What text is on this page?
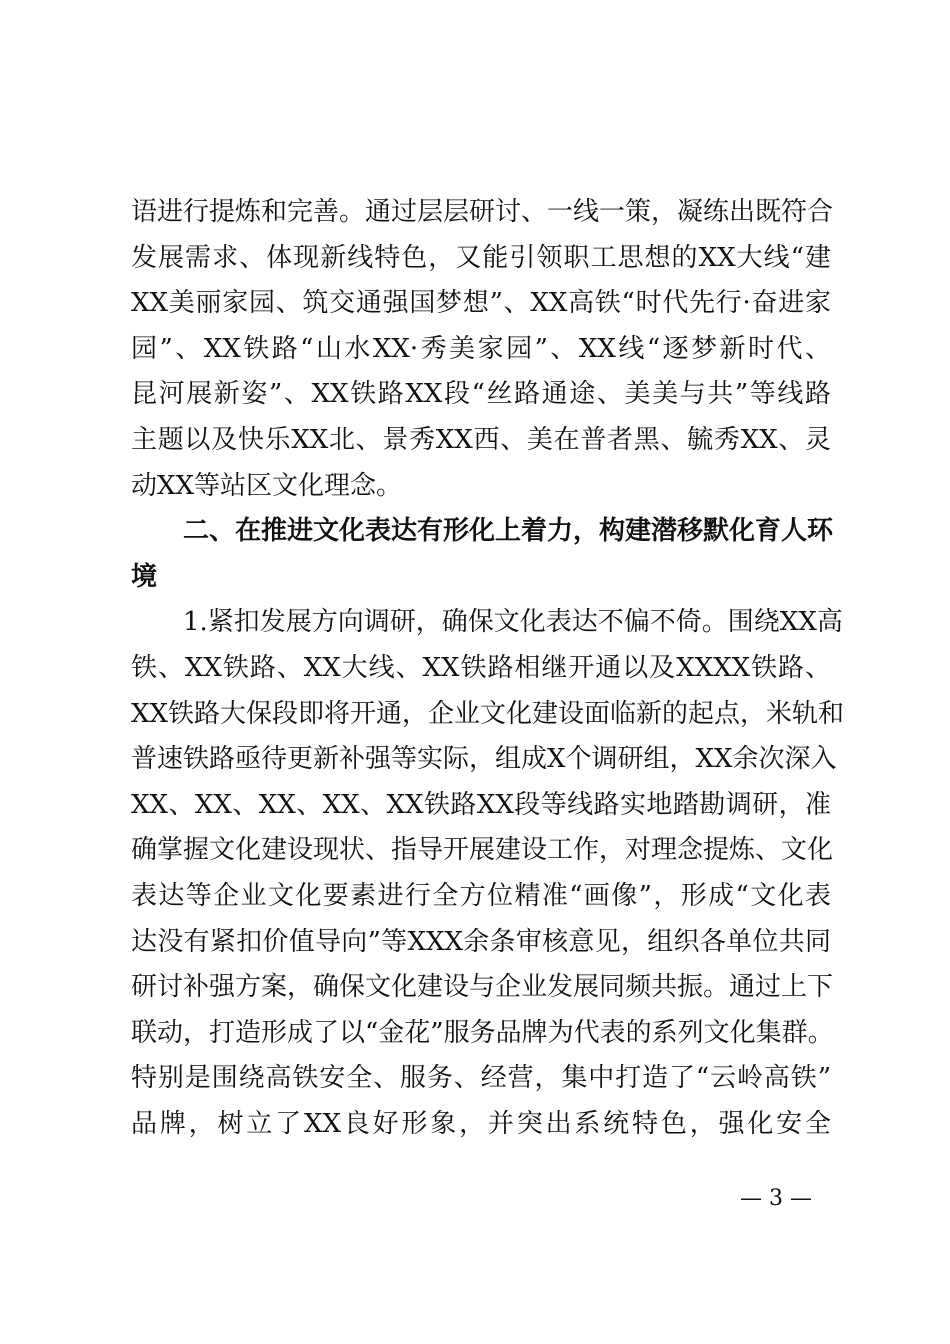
语进行提炼和完善。通过层层研讨、一线一策，凝练出既符合
发展需求、体现新线特色，又能引领职工思想的XX大线“建
XX美丽家园、筑交通强国梦想”、XX高铁“时代先行·奋进家
园”、XX铁路“山水XX·秀美家园”、XX线“逐梦新时代、
昆河展新姿”、XX铁路XX段“丝路通途、美美与共”等线路
主题以及快乐XX北、景秀XX西、美在普者黑、毓秀XX、灵
动XX等站区文化理念。
二、在推进文化表达有形化上着力，构建潜移默化育人环
境
1.紧扣发展方向调研，确保文化表达不偏不倚。围绕XX高
铁、XX铁路、XX大线、XX铁路相继开通以及XXXX铁路、
XX铁路大保段即将开通，企业文化建设面临新的起点，米轨和
普速铁路亟待更新补强等实际，组成X个调研组，XX余次深入
XX、XX、XX、XX、XX铁路XX段等线路实地踏勘调研，准
确掌握文化建设现状、指导开展建设工作，对理念提炼、文化
表达等企业文化要素进行全方位精准“画像”，形成“文化表
达没有紧扣价值导向”等XXX余条审核意见，组织各单位共同
研讨补强方案，确保文化建设与企业发展同频共振。通过上下
联动，打造形成了以“金花”服务品牌为代表的系列文化集群。
特别是围绕高铁安全、服务、经营，集中打造了“云岭高铁”
品牌，树立了XX良好形象，并突出系统特色，强化安全
— 3 —
